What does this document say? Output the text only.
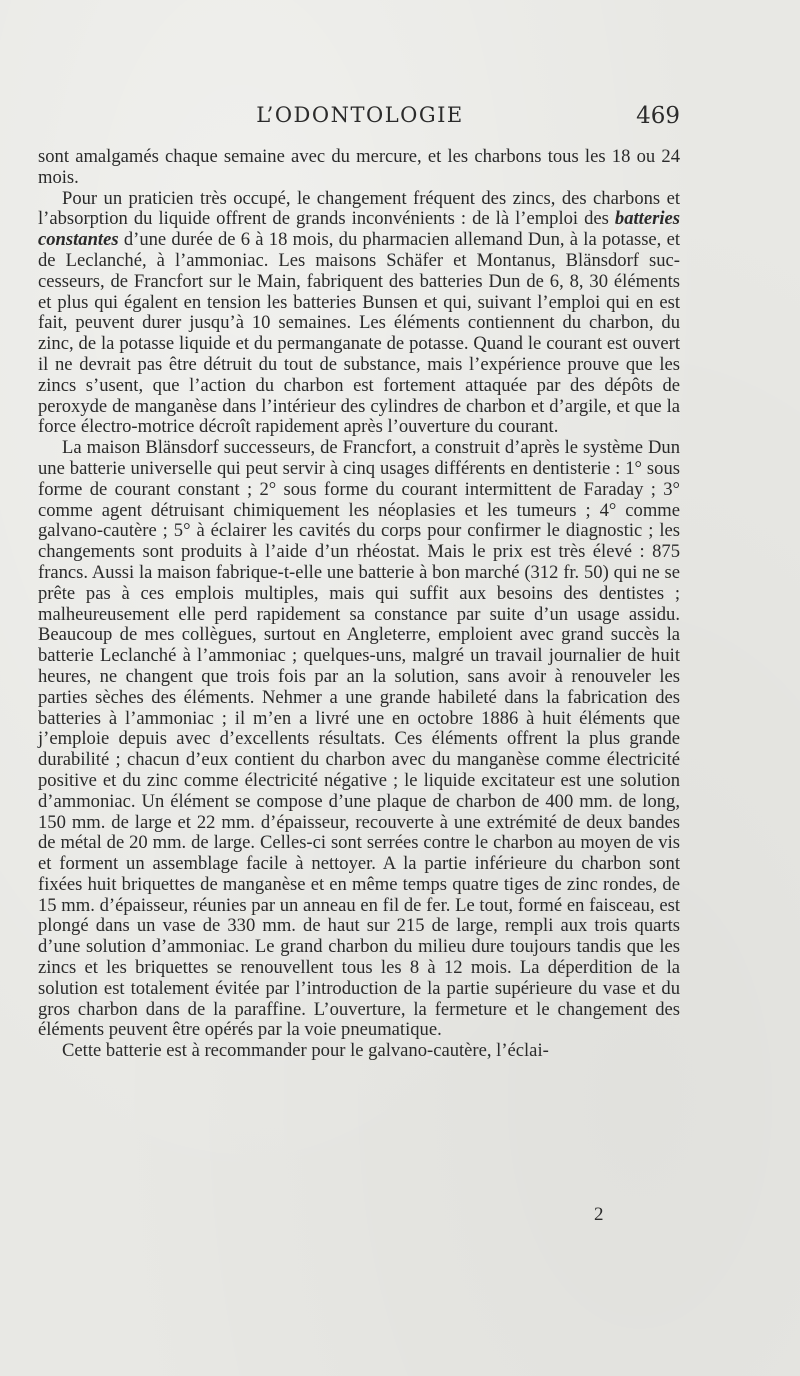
L’ODONTOLOGIE	469

sont amalgamés chaque semaine avec du mercure, et les charbons tous les 18 ou 24 mois.

Pour un praticien très occupé, le changement fréquent des zincs, des charbons et l’absorption du liquide offrent de grands inconvénients : de là l’emploi des batteries constantes d’une durée de 6 à 18 mois, du pharmacien allemand Dun, à la potasse, et de Leclanché, à l’ammoniac. Les maisons Schäfer et Montanus, Blänsdorf successeurs, de Francfort sur le Main, fabriquent des batteries Dun de 6, 8, 30 éléments et plus qui égalent en tension les batteries Bunsen et qui, suivant l’emploi qui en est fait, peuvent durer jusqu’à 10 semaines. Les éléments contiennent du charbon, du zinc, de la potasse liquide et du permanganate de potasse. Quand le courant est ouvert il ne devrait pas être détruit du tout de substance, mais l’expérience prouve que les zincs s’usent, que l’action du charbon est fortement attaquée par des dépôts de peroxyde de manganèse dans l’intérieur des cylindres de charbon et d’argile, et que la force électro-motrice décroît rapidement après l’ouverture du courant.

La maison Blänsdorf successeurs, de Francfort, a construit d’après le système Dun une batterie universelle qui peut servir à cinq usages différents en dentisterie : 1° sous forme de courant constant ; 2° sous forme du courant intermittent de Faraday ; 3° comme agent détruisant chimiquement les néoplasies et les tumeurs ; 4° comme galvano-cautère ; 5° à éclairer les cavités du corps pour confirmer le diagnostic ; les changements sont produits à l’aide d’un rhéostat. Mais le prix est très élevé : 875 francs. Aussi la maison fabrique-t-elle une batterie à bon marché (312 fr. 50) qui ne se prête pas à ces emplois multiples, mais qui suffit aux besoins des dentistes ; malheureusement elle perd rapidement sa constance par suite d’un usage assidu. Beaucoup de mes collègues, surtout en Angleterre, emploient avec grand succès la batterie Leclanché à l’ammoniac ; quelques-uns, malgré un travail journalier de huit heures, ne changent que trois fois par an la solution, sans avoir à renouveler les parties sèches des éléments. Nehmer a une grande habileté dans la fabrication des batteries à l’ammoniac ; il m’en a livré une en octobre 1886 à huit éléments que j’emploie depuis avec d’excellents résultats. Ces éléments offrent la plus grande durabilité ; chacun d’eux contient du charbon avec du manganèse comme électricité positive et du zinc comme électricité négative ; le liquide excitateur est une solution d’ammoniac. Un élément se compose d’une plaque de charbon de 400 mm. de long, 150 mm. de large et 22 mm. d’épaisseur, recouverte à une extrémité de deux bandes de métal de 20 mm. de large. Celles-ci sont serrées contre le charbon au moyen de vis et forment un assemblage facile à nettoyer. A la partie inférieure du charbon sont fixées huit briquettes de manganèse et en même temps quatre tiges de zinc rondes, de 15 mm. d’épaisseur, réunies par un anneau en fil de fer. Le tout, formé en faisceau, est plongé dans un vase de 330 mm. de haut sur 215 de large, rempli aux trois quarts d’une solution d’ammoniac. Le grand charbon du milieu dure toujours tandis que les zincs et les briquettes se renouvellent tous les 8 à 12 mois. La déperdition de la solution est totalement évitée par l’introduction de la partie supérieure du vase et du gros charbon dans de la paraffine. L’ouverture, la fermeture et le changement des éléments peuvent être opérés par la voie pneumatique.

Cette batterie est à recommander pour le galvano-cautère, l’éclai-

2
